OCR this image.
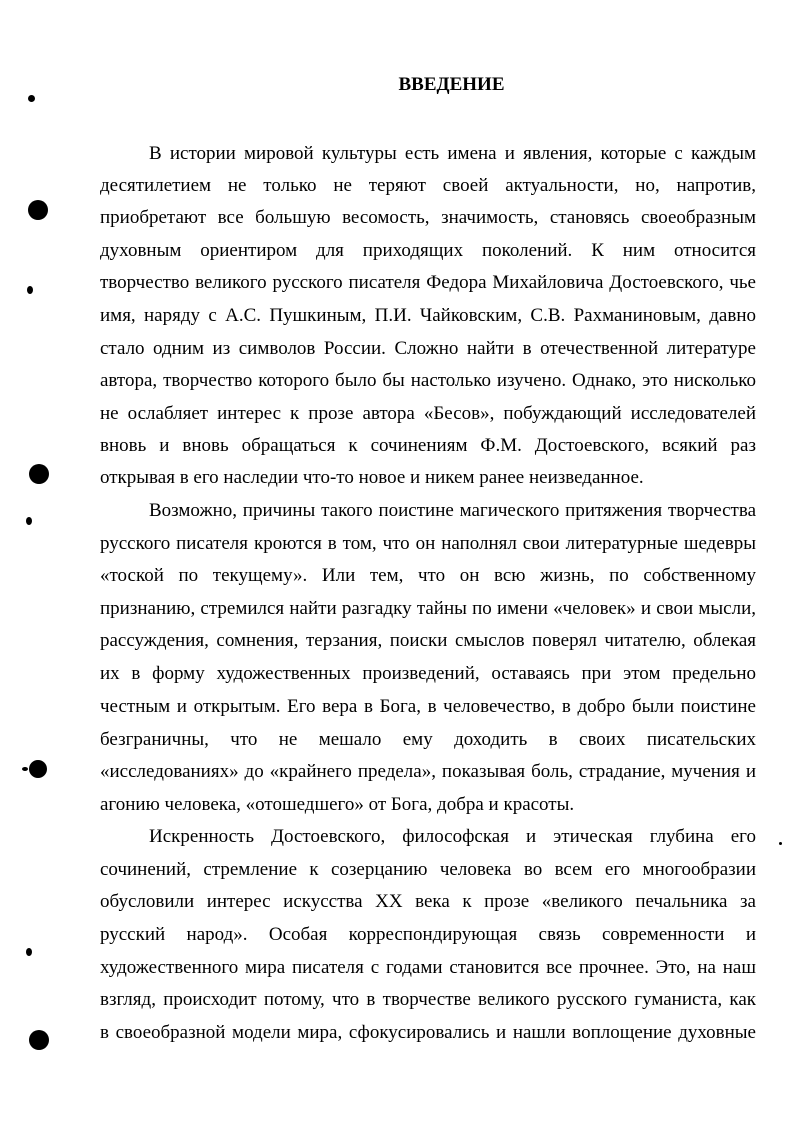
ВВЕДЕНИЕ
В истории мировой культуры есть имена и явления, которые с каждым
десятилетием не только не теряют своей актуальности, но, напротив,
приобретают все большую весомость, значимость, становясь своеобразным
духовным ориентиром для приходящих поколений. К ним относится
творчество великого русского писателя Федора Михайловича Достоевского, чье
имя, наряду с А.С. Пушкиным, П.И. Чайковским, С.В. Рахманиновым, давно
стало одним из символов России. Сложно найти в отечественной литературе
автора, творчество которого было бы настолько изучено. Однако, это нисколько
не ослабляет интерес к прозе автора «Бесов», побуждающий исследователей
вновь и вновь обращаться к сочинениям Ф.М. Достоевского, всякий раз
открывая в его наследии что-то новое и никем ранее неизведанное.
Возможно, причины такого поистине магического притяжения творчества
русского писателя кроются в том, что он наполнял свои литературные шедевры
«тоской по текущему». Или тем, что он всю жизнь, по собственному
признанию, стремился найти разгадку тайны по имени «человек» и свои мысли,
рассуждения, сомнения, терзания, поиски смыслов поверял читателю, облекая
их в форму художественных произведений, оставаясь при этом предельно
честным и открытым. Его вера в Бога, в человечество, в добро были поистине
безграничны, что не мешало ему доходить в своих писательских
«исследованиях» до «крайнего предела», показывая боль, страдание, мучения и
агонию человека, «отошедшего» от Бога, добра и красоты.
Искренность Достоевского, философская и этическая глубина его
сочинений, стремление к созерцанию человека во всем его многообразии
обусловили интерес искусства XX века к прозе «великого печальника за
русский народ». Особая корреспондирующая связь современности и
художественного мира писателя с годами становится все прочнее. Это, на наш
взгляд, происходит потому, что в творчестве великого русского гуманиста, как
в своеобразной модели мира, сфокусировались и нашли воплощение духовные
